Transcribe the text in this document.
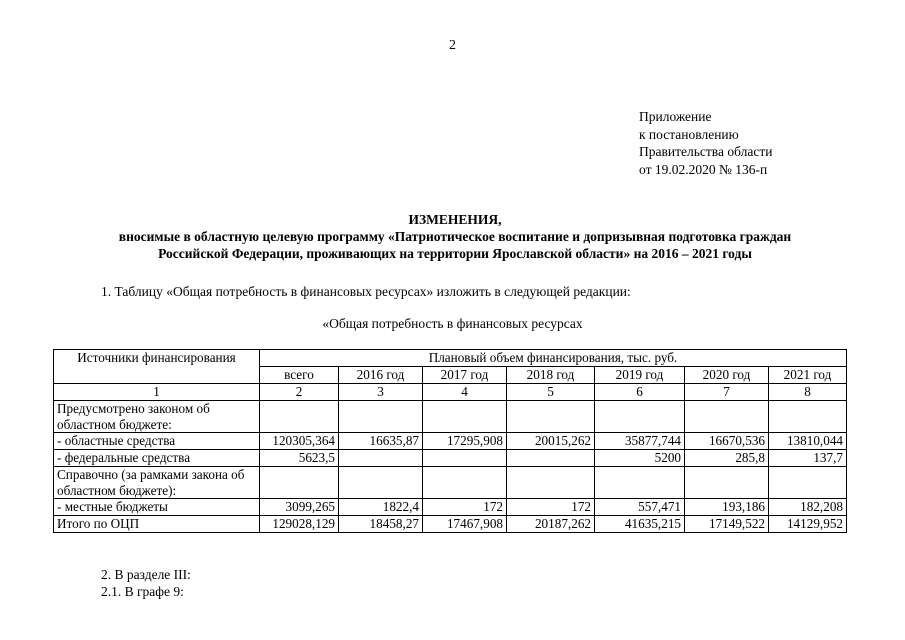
2
Приложение
к постановлению
Правительства области
от 19.02.2020 № 136-п
ИЗМЕНЕНИЯ,
вносимые в областную целевую программу «Патриотическое воспитание и допризывная подготовка граждан
Российской Федерации, проживающих на территории Ярославской области» на 2016 – 2021 годы
1. Таблицу «Общая потребность в финансовых ресурсах» изложить в следующей редакции:
«Общая потребность в финансовых ресурсах
Источники финансирования	Плановый объем финансирования, тыс. руб.						
	всего	2016 год	2017 год	2018 год	2019 год	2020 год	2021 год
1	2	3	4	5	6	7	8
Предусмотрено законом об областном бюджете:							
- областные средства	120305,364	16635,87	17295,908	20015,262	35877,744	16670,536	13810,044
- федеральные средства	5623,5				5200	285,8	137,7
Справочно (за рамками закона об областном бюджете):							
- местные бюджеты	3099,265	1822,4	172	172	557,471	193,186	182,208
Итого по ОЦП	129028,129	18458,27	17467,908	20187,262	41635,215	17149,522	14129,952
2. В разделе III:
2.1. В графе 9:
